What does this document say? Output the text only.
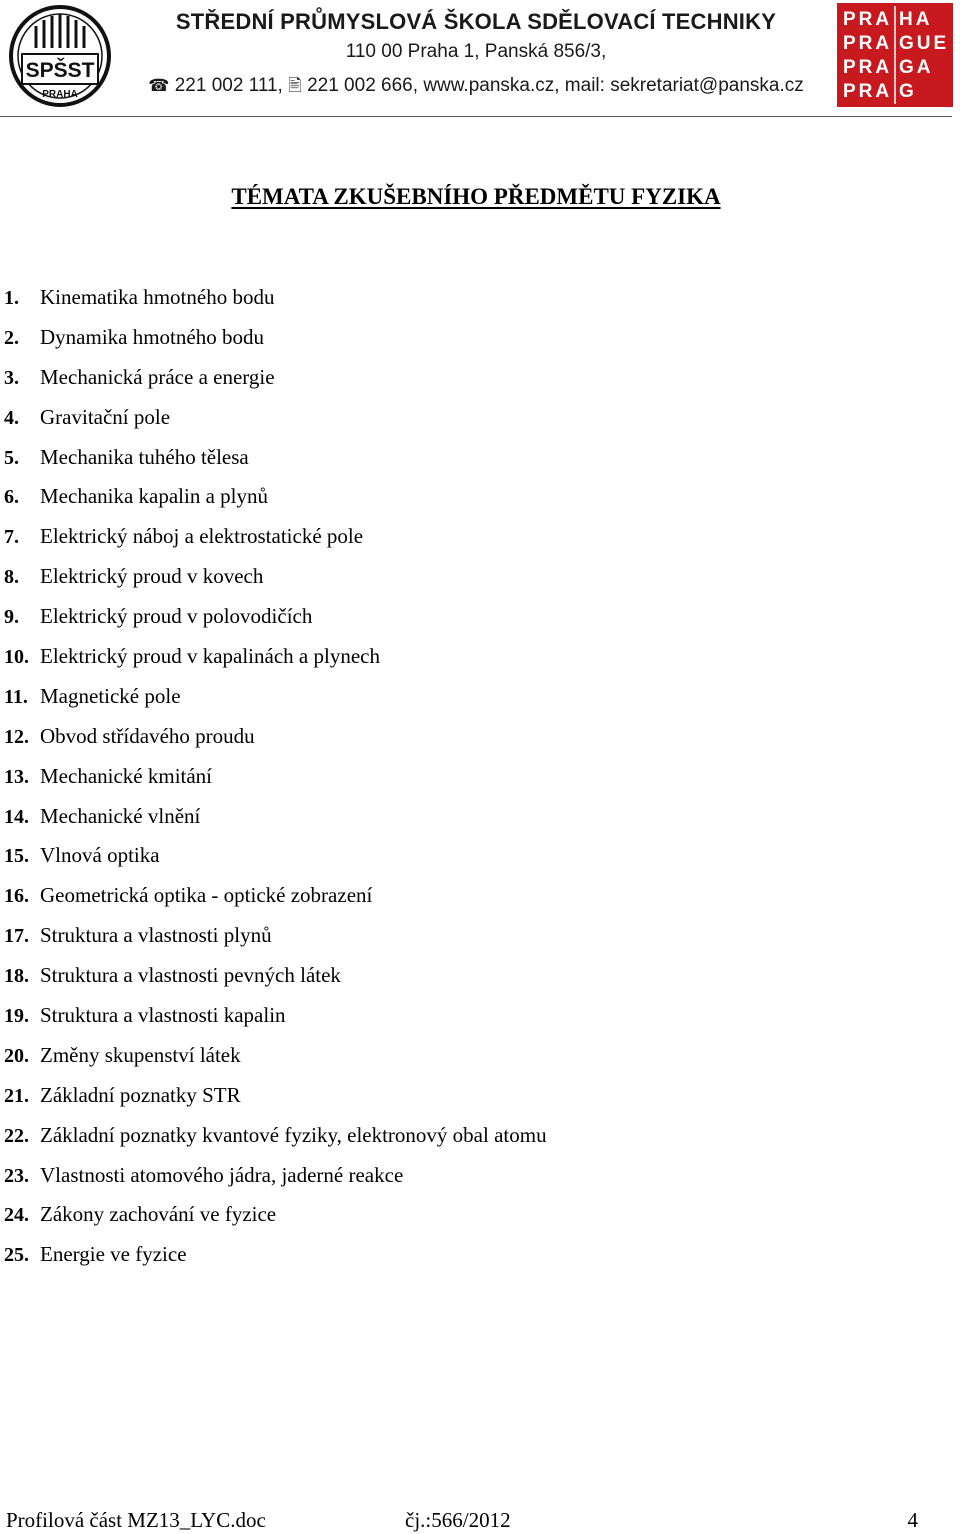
SPŠST
PRAHA
STŘEDNÍ PRŮMYSLOVÁ ŠKOLA SDĚLOVACÍ TECHNIKY
110 00 Praha 1, Panská 856/3,
☎ 221 002 111, 🖹 221 002 666, www.panska.cz, mail: sekretariat@panska.cz
PRA HA
PRA GUE
PRA GA
PRA G
TÉMATA ZKUŠEBNÍHO PŘEDMĚTU FYZIKA
1. Kinematika hmotného bodu
2. Dynamika hmotného bodu
3. Mechanická práce a energie
4. Gravitační pole
5. Mechanika tuhého tělesa
6. Mechanika kapalin a plynů
7. Elektrický náboj a elektrostatické pole
8. Elektrický proud v kovech
9. Elektrický proud v polovodičích
10. Elektrický proud v kapalinách a plynech
11. Magnetické pole
12. Obvod střídavého proudu
13. Mechanické kmitání
14. Mechanické vlnění
15. Vlnová optika
16. Geometrická optika - optické zobrazení
17. Struktura a vlastnosti plynů
18. Struktura a vlastnosti pevných látek
19. Struktura a vlastnosti kapalin
20. Změny skupenství látek
21. Základní poznatky STR
22. Základní poznatky kvantové fyziky, elektronový obal atomu
23. Vlastnosti atomového jádra, jaderné reakce
24. Zákony zachování ve fyzice
25. Energie ve fyzice
Profilová část MZ13_LYC.doc	čj.:566/2012	4
